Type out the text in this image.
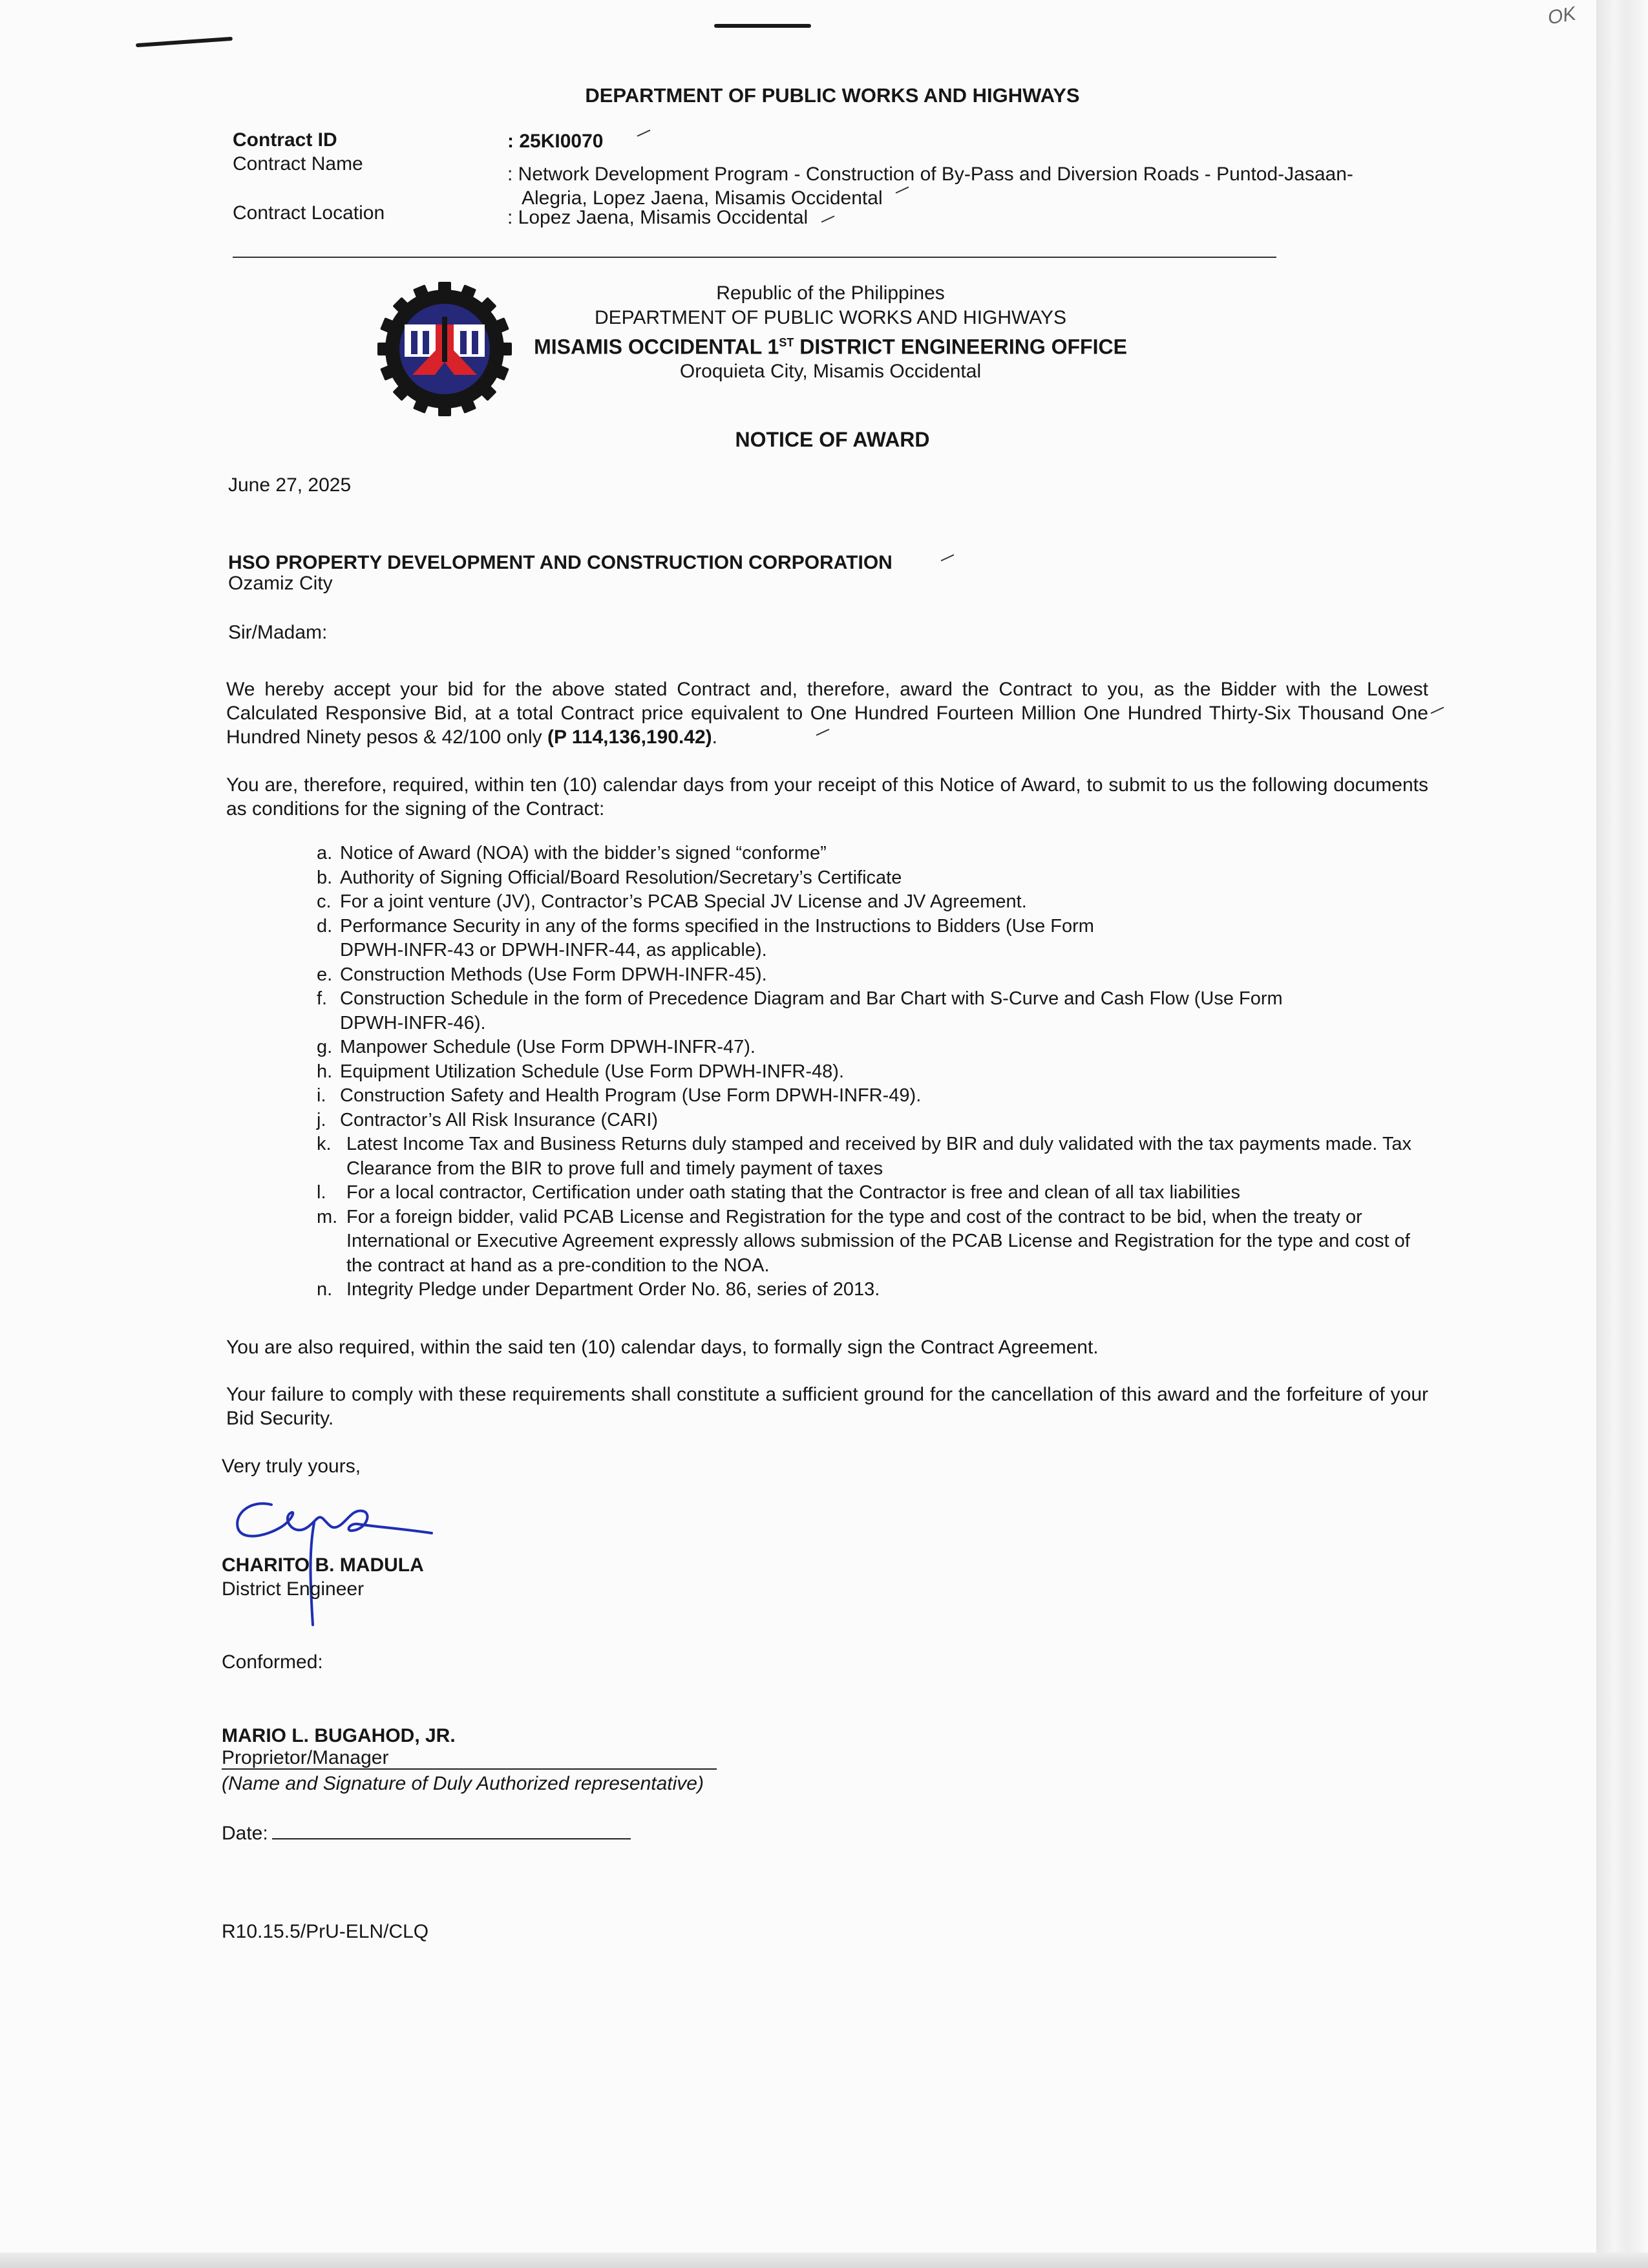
OK
DEPARTMENT OF PUBLIC WORKS AND HIGHWAYS
Contract ID	: 25KI0070
Contract Name	: Network Development Program - Construction of By-Pass and Diversion Roads - Puntod-Jasaan-
Alegria, Lopez Jaena, Misamis Occidental
Contract Location	: Lopez Jaena, Misamis Occidental
Republic of the Philippines
DEPARTMENT OF PUBLIC WORKS AND HIGHWAYS
MISAMIS OCCIDENTAL 1ST DISTRICT ENGINEERING OFFICE
Oroquieta City, Misamis Occidental
NOTICE OF AWARD
June 27, 2025
HSO PROPERTY DEVELOPMENT AND CONSTRUCTION CORPORATION
Ozamiz City
Sir/Madam:
We hereby accept your bid for the above stated Contract and, therefore, award the Contract to you, as the Bidder with the Lowest Calculated Responsive Bid, at a total Contract price equivalent to One Hundred Fourteen Million One Hundred Thirty-Six Thousand One Hundred Ninety pesos & 42/100 only (P 114,136,190.42).
You are, therefore, required, within ten (10) calendar days from your receipt of this Notice of Award, to submit to us the following documents as conditions for the signing of the Contract:
a. Notice of Award (NOA) with the bidder’s signed “conforme”
b. Authority of Signing Official/Board Resolution/Secretary’s Certificate
c. For a joint venture (JV), Contractor’s PCAB Special JV License and JV Agreement.
d. Performance Security in any of the forms specified in the Instructions to Bidders (Use Form DPWH-INFR-43 or DPWH-INFR-44, as applicable).
e. Construction Methods (Use Form DPWH-INFR-45).
f. Construction Schedule in the form of Precedence Diagram and Bar Chart with S-Curve and Cash Flow (Use Form DPWH-INFR-46).
g. Manpower Schedule (Use Form DPWH-INFR-47).
h. Equipment Utilization Schedule (Use Form DPWH-INFR-48).
i. Construction Safety and Health Program (Use Form DPWH-INFR-49).
j. Contractor’s All Risk Insurance (CARI)
k. Latest Income Tax and Business Returns duly stamped and received by BIR and duly validated with the tax payments made. Tax Clearance from the BIR to prove full and timely payment of taxes
l. For a local contractor, Certification under oath stating that the Contractor is free and clean of all tax liabilities
m. For a foreign bidder, valid PCAB License and Registration for the type and cost of the contract to be bid, when the treaty or International or Executive Agreement expressly allows submission of the PCAB License and Registration for the type and cost of the contract at hand as a pre-condition to the NOA.
n. Integrity Pledge under Department Order No. 86, series of 2013.
You are also required, within the said ten (10) calendar days, to formally sign the Contract Agreement.
Your failure to comply with these requirements shall constitute a sufficient ground for the cancellation of this award and the forfeiture of your Bid Security.
Very truly yours,
CHARITO B. MADULA
District Engineer
Conformed:
MARIO L. BUGAHOD, JR.
Proprietor/Manager
(Name and Signature of Duly Authorized representative)
Date:
R10.15.5/PrU-ELN/CLQ
